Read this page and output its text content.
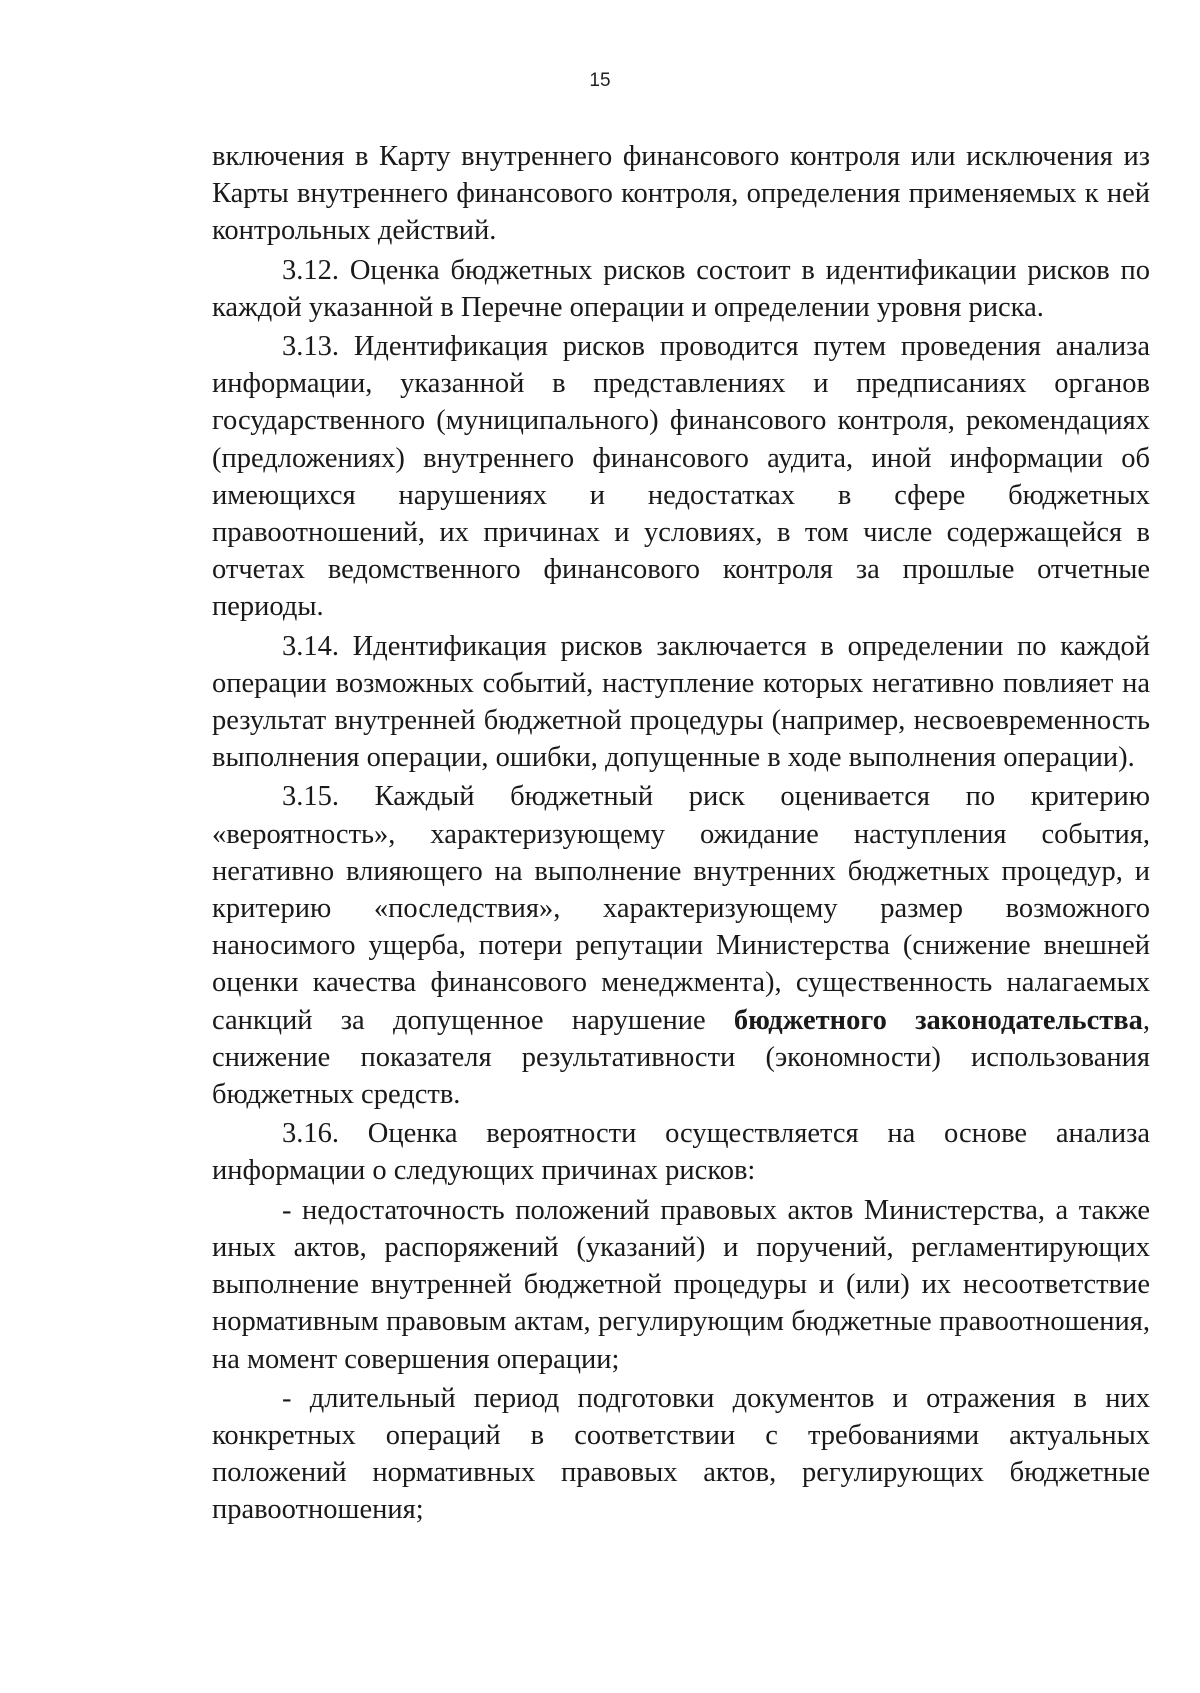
15

включения в Карту внутреннего финансового контроля или исключения из Карты внутреннего финансового контроля, определения применяемых к ней контрольных действий.

3.12. Оценка бюджетных рисков состоит в идентификации рисков по каждой указанной в Перечне операции и определении уровня риска.

3.13. Идентификация рисков проводится путем проведения анализа информации, указанной в представлениях и предписаниях органов государственного (муниципального) финансового контроля, рекомендациях (предложениях) внутреннего финансового аудита, иной информации об имеющихся нарушениях и недостатках в сфере бюджетных правоотношений, их причинах и условиях, в том числе содержащейся в отчетах ведомственного финансового контроля за прошлые отчетные периоды.

3.14. Идентификация рисков заключается в определении по каждой операции возможных событий, наступление которых негативно повлияет на результат внутренней бюджетной процедуры (например, несвоевременность выполнения операции, ошибки, допущенные в ходе выполнения операции).

3.15. Каждый бюджетный риск оценивается по критерию «вероятность», характеризующему ожидание наступления события, негативно влияющего на выполнение внутренних бюджетных процедур, и критерию «последствия», характеризующему размер возможного наносимого ущерба, потери репутации Министерства (снижение внешней оценки качества финансового менеджмента), существенность налагаемых санкций за допущенное нарушение бюджетного законодательства, снижение показателя результативности (экономности) использования бюджетных средств.

3.16. Оценка вероятности осуществляется на основе анализа информации о следующих причинах рисков:

- недостаточность положений правовых актов Министерства, а также иных актов, распоряжений (указаний) и поручений, регламентирующих выполнение внутренней бюджетной процедуры и (или) их несоответствие нормативным правовым актам, регулирующим бюджетные правоотношения, на момент совершения операции;

- длительный период подготовки документов и отражения в них конкретных операций в соответствии с требованиями актуальных положений нормативных правовых актов, регулирующих бюджетные правоотношения;
